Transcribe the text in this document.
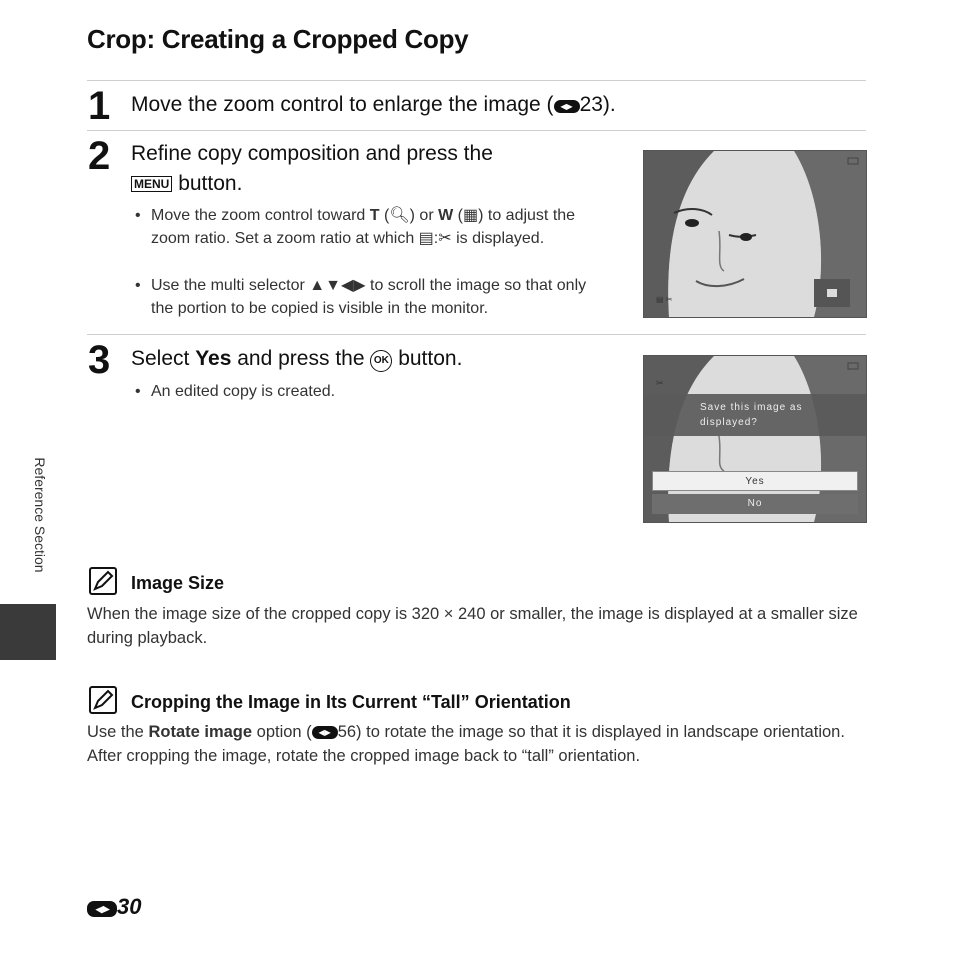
Crop: Creating a Cropped Copy
1 Move the zoom control to enlarge the image ( ◀▶ 23).
2 Refine copy composition and press the
MENU button.
• Move the zoom control toward T (🔍︎) or W (▦) to adjust the zoom ratio. Set a zoom ratio at which ▤:✂ is displayed.
• Use the multi selector ▲▼◀▶ to scroll the image so that only the portion to be copied is visible in the monitor.	▤ ✂
3 Select Yes and press the OK button.
• An edited copy is created.	✂
Save this image as
displayed?
Yes
No
Reference Section
Image Size
When the image size of the cropped copy is 320 × 240 or smaller, the image is displayed at a smaller size during playback.
Cropping the Image in Its Current “Tall” Orientation
Use the Rotate image option ( ◀▶ 56) to rotate the image so that it is displayed in landscape orientation. After cropping the image, rotate the cropped image back to “tall” orientation.
◀▶ 30
